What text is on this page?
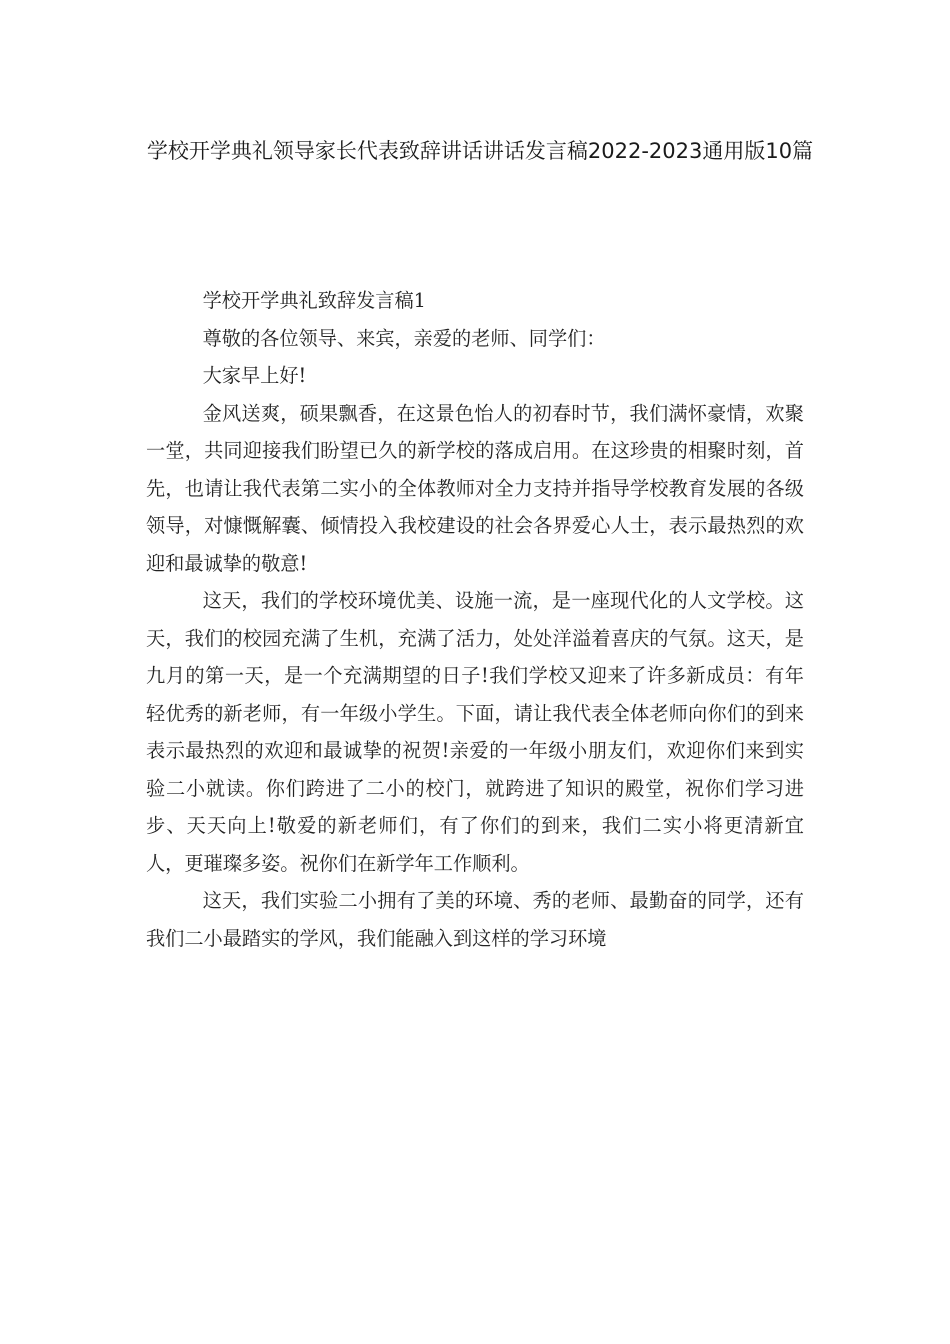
学校开学典礼领导家长代表致辞讲话讲话发言稿2022-2023通用版10篇

学校开学典礼致辞发言稿1

尊敬的各位领导、来宾，亲爱的老师、同学们：

大家早上好!

金风送爽，硕果飘香，在这景色怡人的初春时节，我们满怀豪情，欢聚一堂，共同迎接我们盼望已久的新学校的落成启用。在这珍贵的相聚时刻，首先，也请让我代表第二实小的全体教师对全力支持并指导学校教育发展的各级领导，对慷慨解囊、倾情投入我校建设的社会各界爱心人士，表示最热烈的欢迎和最诚挚的敬意!

这天，我们的学校环境优美、设施一流，是一座现代化的人文学校。这天，我们的校园充满了生机，充满了活力，处处洋溢着喜庆的气氛。这天，是九月的第一天，是一个充满期望的日子!我们学校又迎来了许多新成员：有年轻优秀的新老师，有一年级小学生。下面，请让我代表全体老师向你们的到来表示最热烈的欢迎和最诚挚的祝贺!亲爱的一年级小朋友们，欢迎你们来到实验二小就读。你们跨进了二小的校门，就跨进了知识的殿堂，祝你们学习进步、天天向上!敬爱的新老师们，有了你们的到来，我们二实小将更清新宜人，更璀璨多姿。祝你们在新学年工作顺利。

这天，我们实验二小拥有了美的环境、秀的老师、最勤奋的同学，还有我们二小最踏实的学风，我们能融入到这样的学习环境
